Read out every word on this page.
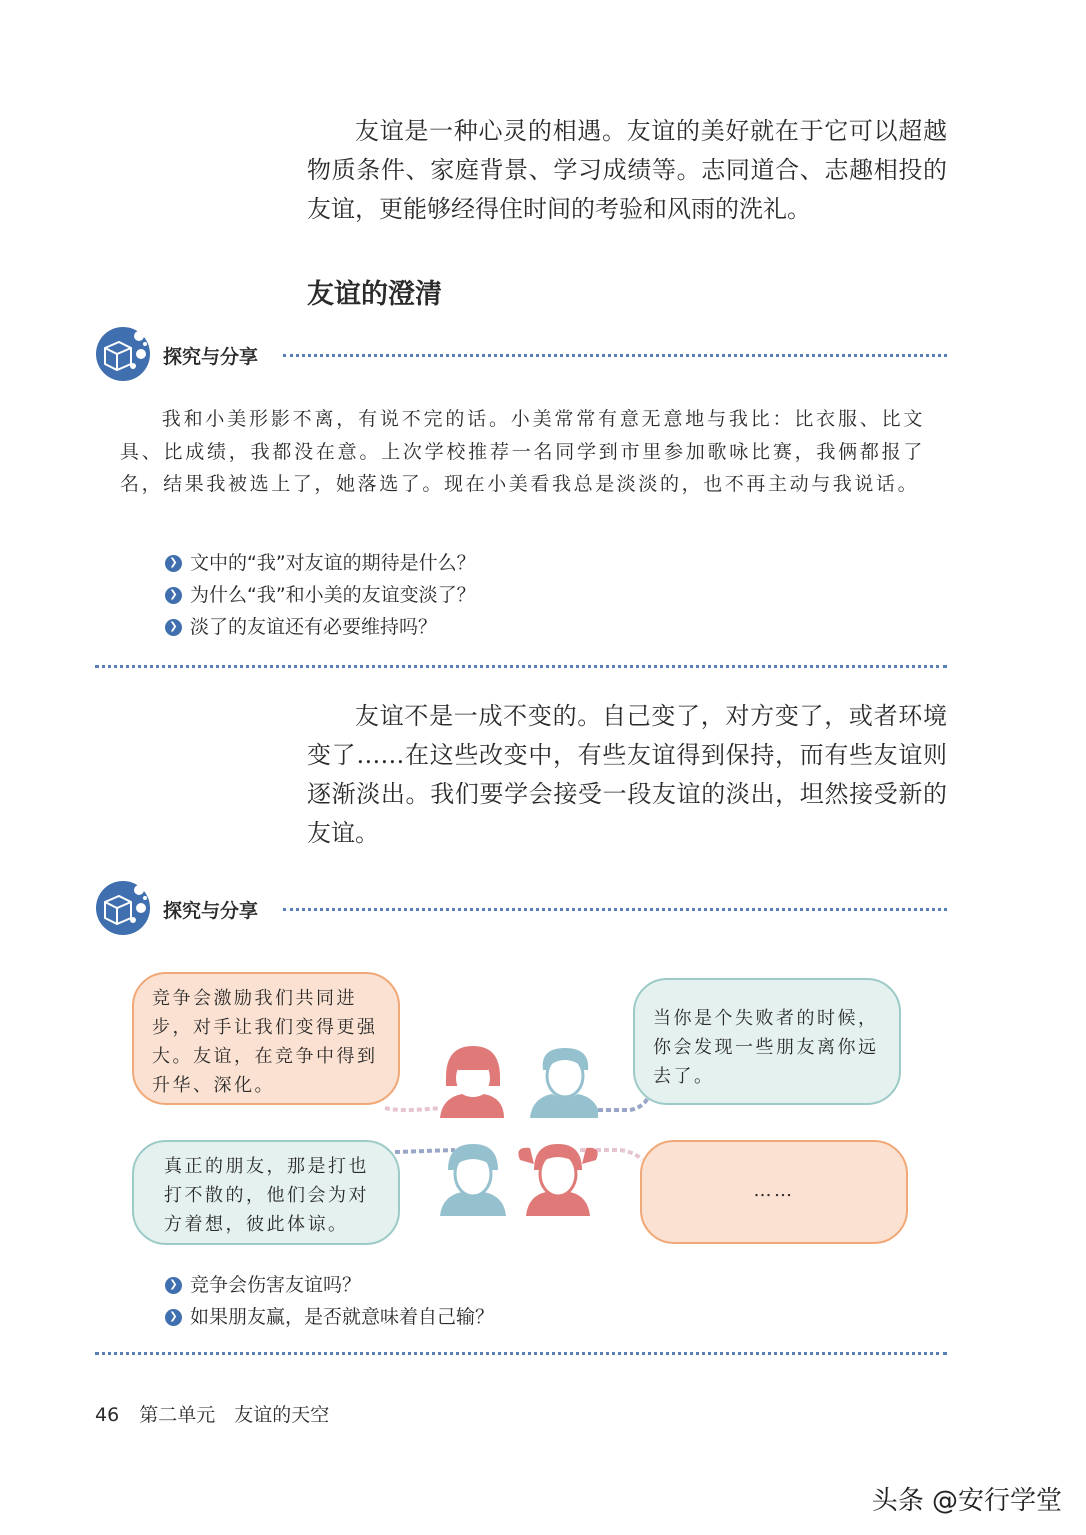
友谊是一种心灵的相遇。友谊的美好就在于它可以超越物质条件、家庭背景、学习成绩等。志同道合、志趣相投的友谊，更能够经得住时间的考验和风雨的洗礼。

友谊的澄清
探究与分享

我和小美形影不离，有说不完的话。小美常常有意无意地与我比：比衣服、比文具、比成绩，我都没在意。上次学校推荐一名同学到市里参加歌咏比赛，我俩都报了名，结果我被选上了，她落选了。现在小美看我总是淡淡的，也不再主动与我说话。

❯ 文中的“我”对友谊的期待是什么？
❯ 为什么“我”和小美的友谊变淡了？
❯ 淡了的友谊还有必要维持吗？

友谊不是一成不变的。自己变了，对方变了，或者环境变了……在这些改变中，有些友谊得到保持，而有些友谊则逐渐淡出。我们要学会接受一段友谊的淡出，坦然接受新的友谊。

探究与分享
竞争会激励我们共同进步，对手让我们变得更强大。友谊，在竞争中得到升华、深化。
当你是个失败者的时候，你会发现一些朋友离你远去了。
真正的朋友，那是打也打不散的，他们会为对方着想，彼此体谅。
……
❯ 竞争会伤害友谊吗？
❯ 如果朋友赢，是否就意味着自己输？
46 第二单元　友谊的天空
头条 @安行学堂
